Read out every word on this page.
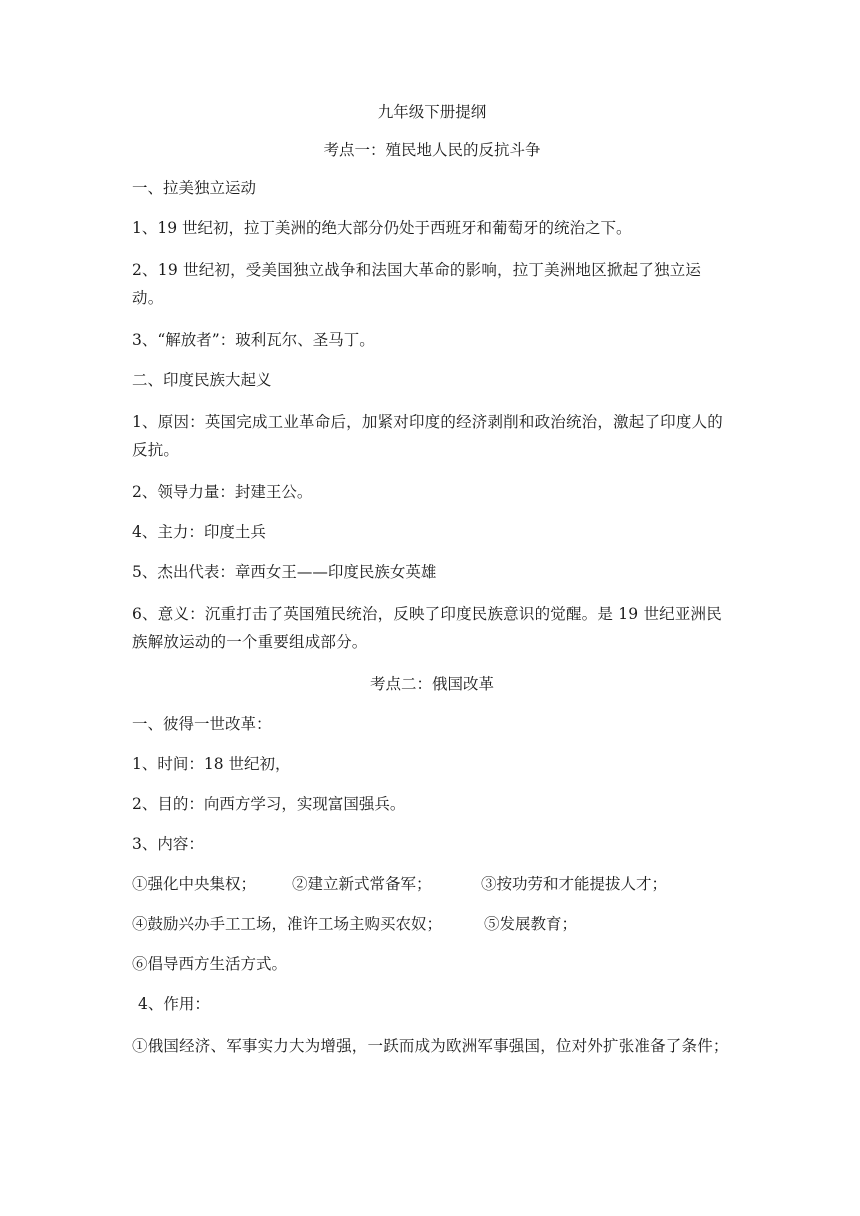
九年级下册提纲
考点一：殖民地人民的反抗斗争
一、拉美独立运动
1、19 世纪初，拉丁美洲的绝大部分仍处于西班牙和葡萄牙的统治之下。
2、19 世纪初，受美国独立战争和法国大革命的影响，拉丁美洲地区掀起了独立运动。
3、“解放者”：玻利瓦尔、圣马丁。
二、印度民族大起义
1、原因：英国完成工业革命后，加紧对印度的经济剥削和政治统治，激起了印度人的反抗。
2、领导力量：封建王公。
4、主力：印度土兵
5、杰出代表：章西女王——印度民族女英雄
6、意义：沉重打击了英国殖民统治，反映了印度民族意识的觉醒。是 19 世纪亚洲民族解放运动的一个重要组成部分。
考点二：俄国改革
一、彼得一世改革：
1、时间：18 世纪初，
2、目的：向西方学习，实现富国强兵。
3、内容：
①强化中央集权； ②建立新式常备军；	③按功劳和才能提拔人才；
④鼓励兴办手工工场，准许工场主购买农奴；	⑤发展教育；
⑥倡导西方生活方式。
4、作用：
①俄国经济、军事实力大为增强，一跃而成为欧洲军事强国，位对外扩张准备了条件；
